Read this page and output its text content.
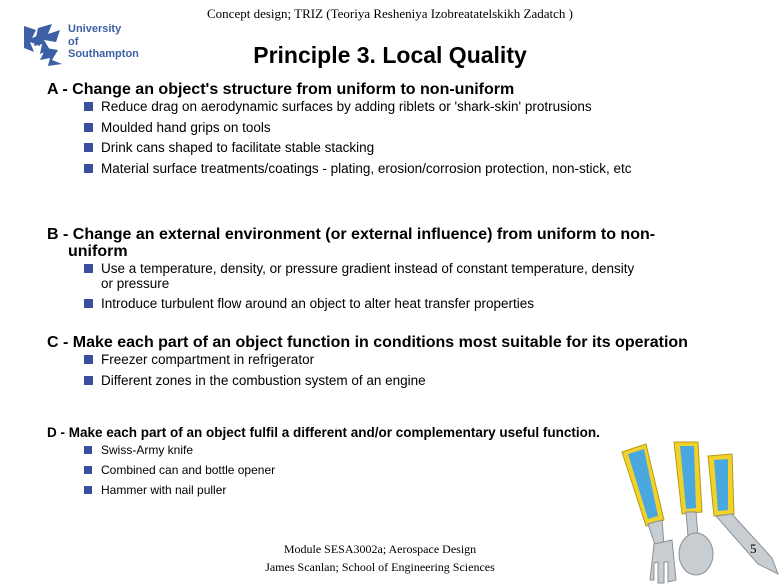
Concept design; TRIZ (Teoriya Resheniya Izobreatatelskikh Zadatch )
University
of Southampton	Principle 3. Local Quality
A - Change an object's structure from uniform to non-uniform
Reduce drag on aerodynamic surfaces by adding riblets or 'shark-skin' protrusions
Moulded hand grips on tools
Drink cans shaped to facilitate stable stacking
Material surface treatments/coatings - plating, erosion/corrosion protection, non-stick, etc
B - Change an external environment (or external influence) from uniform to non-uniform
Use a temperature, density, or pressure gradient instead of constant temperature, density or pressure
Introduce turbulent flow around an object to alter heat transfer properties
C - Make each part of an object function in conditions most suitable for its operation
Freezer compartment in refrigerator
Different zones in the combustion system of an engine
D - Make each part of an object fulfil a different and/or complementary useful function.
Swiss-Army knife
Combined can and bottle opener
Hammer with nail puller
Module SESA3002a; Aerospace Design
James Scanlan; School of Engineering Sciences
5
